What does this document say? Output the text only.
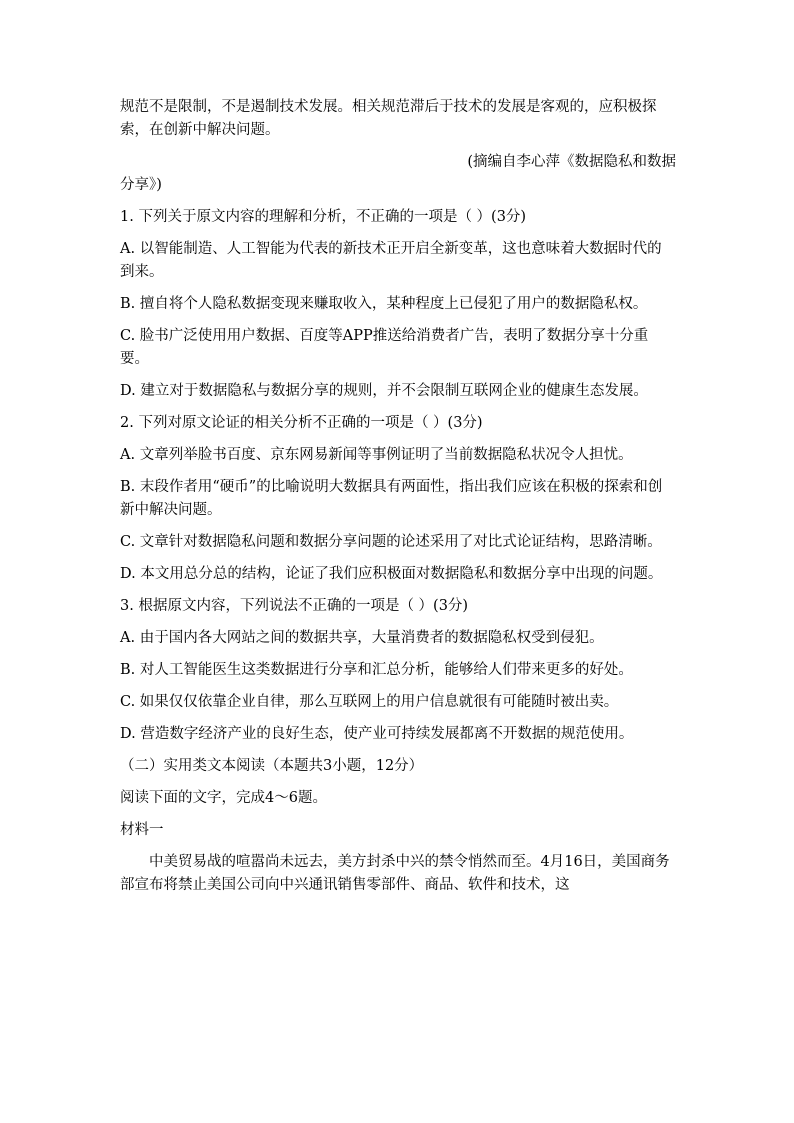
规范不是限制，不是遏制技术发展。相关规范滞后于技术的发展是客观的，应积极探索，在创新中解决问题。

(摘编自李心萍《数据隐私和数据

分享》)

1. 下列关于原文内容的理解和分析，不正确的一项是（ ）(3分)

A. 以智能制造、人工智能为代表的新技术正开启全新变革，这也意味着大数据时代的到来。

B. 擅自将个人隐私数据变现来赚取收入，某种程度上已侵犯了用户的数据隐私权。

C. 脸书广泛使用用户数据、百度等APP推送给消费者广告，表明了数据分享十分重要。

D. 建立对于数据隐私与数据分享的规则，并不会限制互联网企业的健康生态发展。

2. 下列对原文论证的相关分析不正确的一项是（ ）(3分)

A. 文章列举脸书百度、京东网易新闻等事例证明了当前数据隐私状况令人担忧。

B. 末段作者用“硬币”的比喻说明大数据具有两面性，指出我们应该在积极的探索和创新中解决问题。

C. 文章针对数据隐私问题和数据分享问题的论述采用了对比式论证结构，思路清晰。

D. 本文用总分总的结构，论证了我们应积极面对数据隐私和数据分享中出现的问题。

3. 根据原文内容，下列说法不正确的一项是（ ）(3分)

A. 由于国内各大网站之间的数据共享，大量消费者的数据隐私权受到侵犯。

B. 对人工智能医生这类数据进行分享和汇总分析，能够给人们带来更多的好处。

C. 如果仅仅依靠企业自律，那么互联网上的用户信息就很有可能随时被出卖。

D. 营造数字经济产业的良好生态，使产业可持续发展都离不开数据的规范使用。

（二）实用类文本阅读（本题共3小题，12分）

阅读下面的文字，完成4～6题。

材料一

中美贸易战的喧嚣尚未远去，美方封杀中兴的禁令悄然而至。4月16日，美国商务部宣布将禁止美国公司向中兴通讯销售零部件、商品、软件和技术，这
